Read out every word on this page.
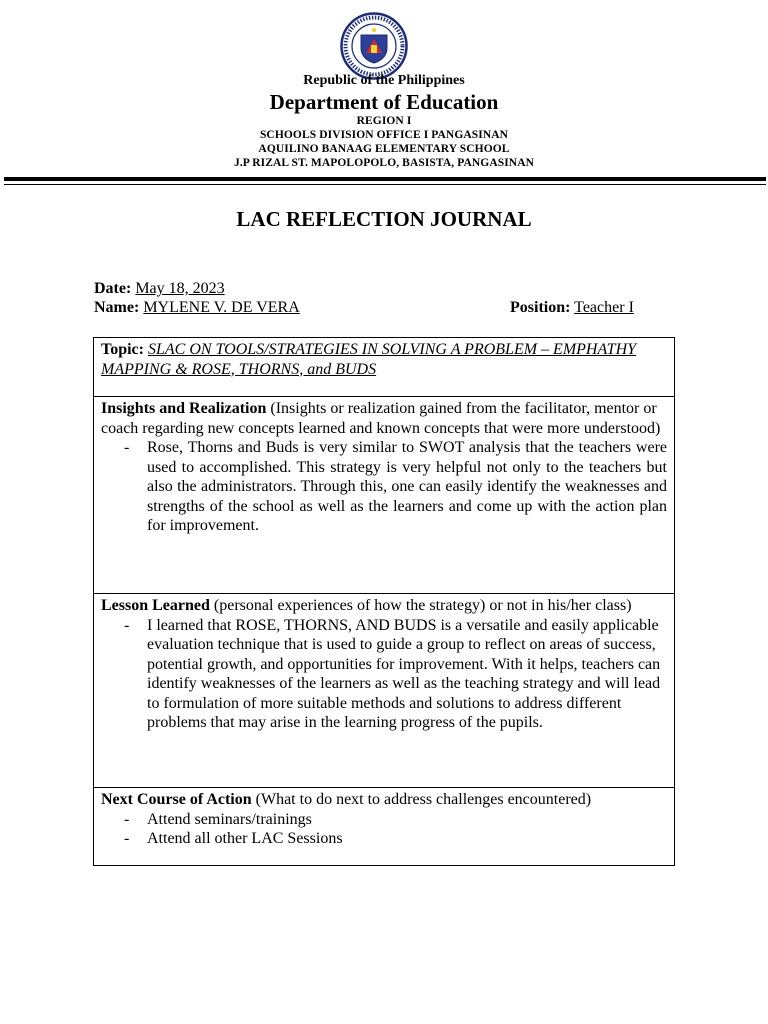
Republic of the Philippines
Department of Education
REGION I
SCHOOLS DIVISION OFFICE I PANGASINAN
AQUILINO BANAAG ELEMENTARY SCHOOL
J.P RIZAL ST. MAPOLOPOLO, BASISTA, PANGASINAN
LAC REFLECTION JOURNAL
Date: May 18, 2023
Name: MYLENE V. DE VERA	Position: Teacher I
Topic: SLAC ON TOOLS/STRATEGIES IN SOLVING A PROBLEM – EMPHATHY MAPPING & ROSE, THORNS, and BUDS
Insights and Realization (Insights or realization gained from the facilitator, mentor or coach regarding new concepts learned and known concepts that were more understood)
- Rose, Thorns and Buds is very similar to SWOT analysis that the teachers were used to accomplished. This strategy is very helpful not only to the teachers but also the administrators. Through this, one can easily identify the weaknesses and strengths of the school as well as the learners and come up with the action plan for improvement.

Lesson Learned (personal experiences of how the strategy) or not in his/her class)
- I learned that ROSE, THORNS, AND BUDS is a versatile and easily applicable evaluation technique that is used to guide a group to reflect on areas of success, potential growth, and opportunities for improvement. With it helps, teachers can identify weaknesses of the learners as well as the teaching strategy and will lead to formulation of more suitable methods and solutions to address different problems that may arise in the learning progress of the pupils.

Next Course of Action (What to do next to address challenges encountered)
- Attend seminars/trainings
- Attend all other LAC Sessions
